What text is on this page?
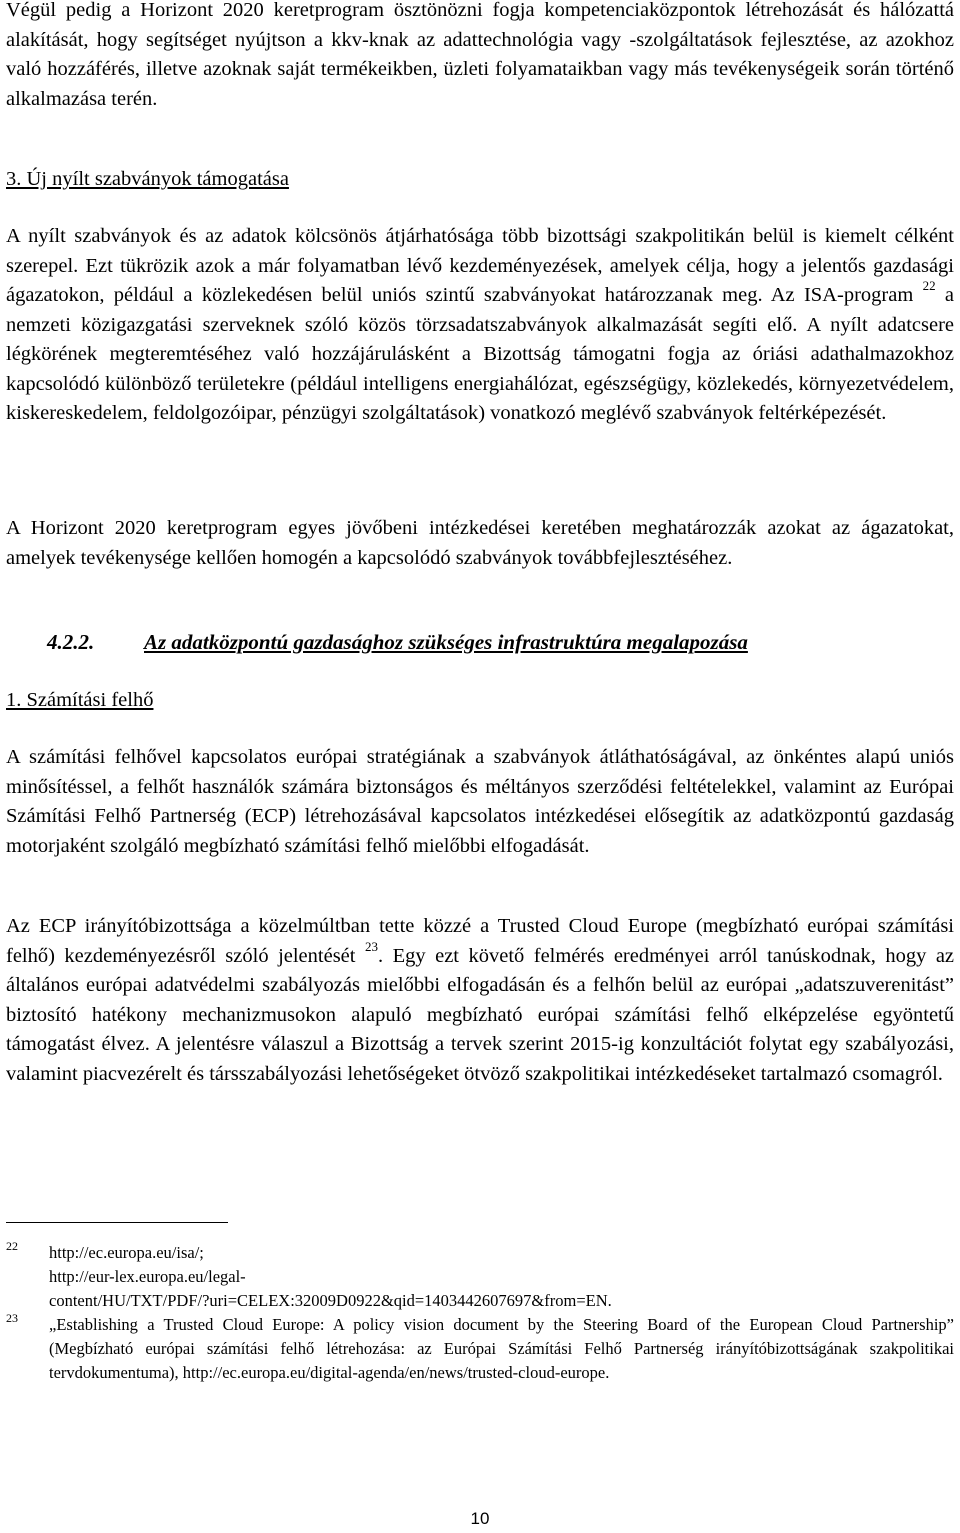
Végül pedig a Horizont 2020 keretprogram ösztönözni fogja kompetenciaközpontok létrehozását és hálózattá alakítását, hogy segítséget nyújtson a kkv-knak az adattechnológia vagy -szolgáltatások fejlesztése, az azokhoz való hozzáférés, illetve azoknak saját termékeikben, üzleti folyamataikban vagy más tevékenységeik során történő alkalmazása terén.

3. Új nyílt szabványok támogatása

A nyílt szabványok és az adatok kölcsönös átjárhatósága több bizottsági szakpolitikán belül is kiemelt célként szerepel. Ezt tükrözik azok a már folyamatban lévő kezdeményezések, amelyek célja, hogy a jelentős gazdasági ágazatokon, például a közlekedésen belül uniós szintű szabványokat határozzanak meg. Az ISA-program $^{22}$ a nemzeti közigazgatási szerveknek szóló közös törzsadatszabványok alkalmazását segíti elő. A nyílt adatcsere légkörének megteremtéséhez való hozzájárulásként a Bizottság támogatni fogja az óriási adathalmazokhoz kapcsolódó különböző területekre (például intelligens energiahálózat, egészségügy, közlekedés, környezetvédelem, kiskereskedelem, feldolgozóipar, pénzügyi szolgáltatások) vonatkozó meglévő szabványok feltérképezését.

A Horizont 2020 keretprogram egyes jövőbeni intézkedései keretében meghatározzák azokat az ágazatokat, amelyek tevékenysége kellően homogén a kapcsolódó szabványok továbbfejlesztéséhez.

4.2.2. Az adatközpontú gazdasághoz szükséges infrastruktúra megalapozása

1. Számítási felhő

A számítási felhővel kapcsolatos európai stratégiának a szabványok átláthatóságával, az önkéntes alapú uniós minősítéssel, a felhőt használók számára biztonságos és méltányos szerződési feltételekkel, valamint az Európai Számítási Felhő Partnerség (ECP) létrehozásával kapcsolatos intézkedései elősegítik az adatközpontú gazdaság motorjaként szolgáló megbízható számítási felhő mielőbbi elfogadását.

Az ECP irányítóbizottsága a közelmúltban tette közzé a Trusted Cloud Europe (megbízható európai számítási felhő) kezdeményezésről szóló jelentését $^{23}$. Egy ezt követő felmérés eredményei arról tanúskodnak, hogy az általános európai adatvédelmi szabályozás mielőbbi elfogadásán és a felhőn belül az európai „adatszuverenitást” biztosító hatékony mechanizmusokon alapuló megbízható európai számítási felhő elképzelése egyöntetű támogatást élvez. A jelentésre válaszul a Bizottság a tervek szerint 2015-ig konzultációt folytat egy szabályozási, valamint piacvezérelt és társszabályozási lehetőségeket ötvöző szakpolitikai intézkedéseket tartalmazó csomagról.

22 http://ec.europa.eu/isa/;
http://eur-lex.europa.eu/legal-
content/HU/TXT/PDF/?uri=CELEX:32009D0922&qid=1403442607697&from=EN.
23 „Establishing a Trusted Cloud Europe: A policy vision document by the Steering Board of the European Cloud Partnership” (Megbízható európai számítási felhő létrehozása: az Európai Számítási Felhő Partnerség irányítóbizottságának szakpolitikai tervdokumentuma), http://ec.europa.eu/digital-agenda/en/news/trusted-cloud-europe.
10
